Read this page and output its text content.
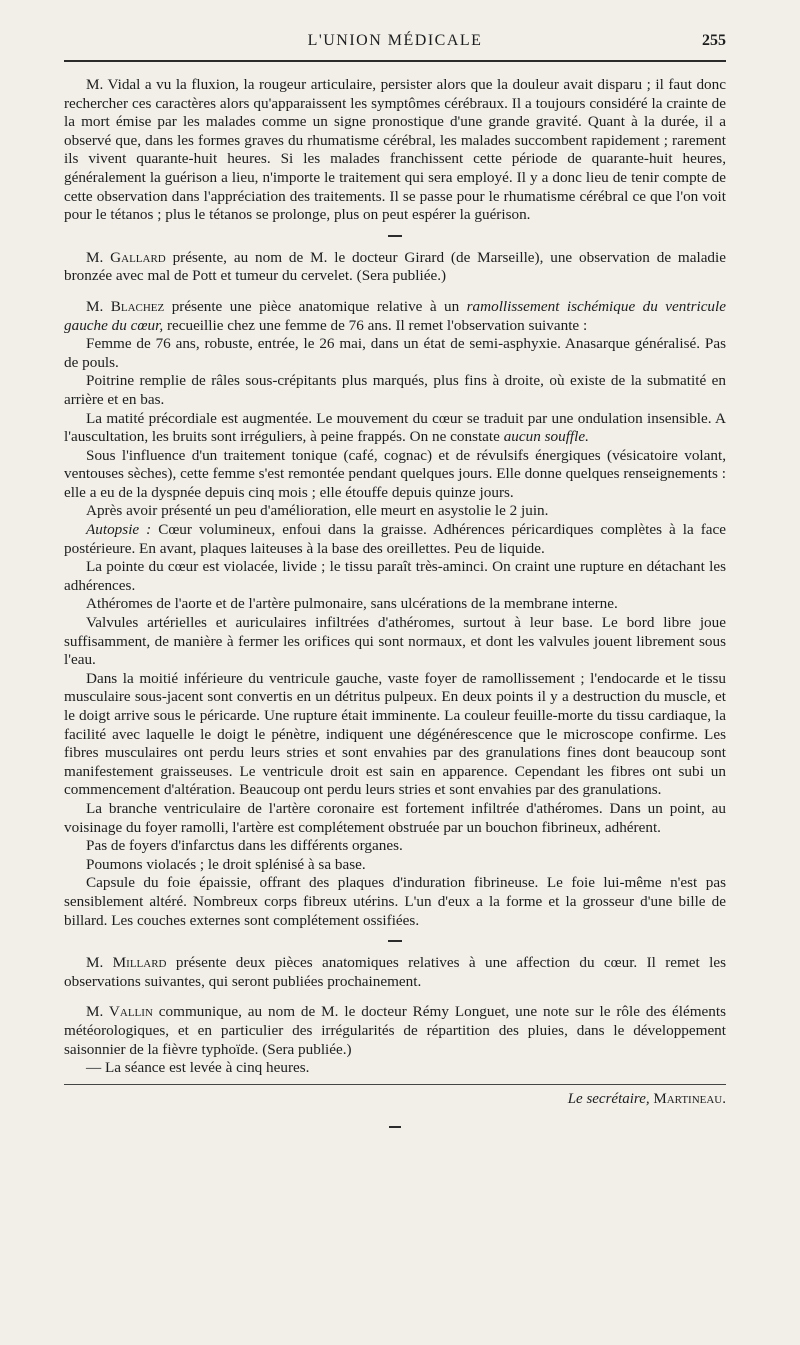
L'UNION MÉDICALE	255

M. Vidal a vu la fluxion, la rougeur articulaire, persister alors que la douleur avait disparu ; il faut donc rechercher ces caractères alors qu'apparaissent les symptômes cérébraux. Il a toujours considéré la crainte de la mort émise par les malades comme un signe pronostique d'une grande gravité. Quant à la durée, il a observé que, dans les formes graves du rhumatisme cérébral, les malades succombent rapidement ; rarement ils vivent quarante-huit heures. Si les malades franchissent cette période de quarante-huit heures, généralement la guérison a lieu, n'importe le traitement qui sera employé. Il y a donc lieu de tenir compte de cette observation dans l'appréciation des traitements. Il se passe pour le rhumatisme cérébral ce que l'on voit pour le tétanos ; plus le tétanos se prolonge, plus on peut espérer la guérison.

M. Gallard présente, au nom de M. le docteur Girard (de Marseille), une observation de maladie bronzée avec mal de Pott et tumeur du cervelet. (Sera publiée.)

M. Blachez présente une pièce anatomique relative à un ramollissement ischémique du ventricule gauche du cœur, recueillie chez une femme de 76 ans. Il remet l'observation suivante :

Femme de 76 ans, robuste, entrée, le 26 mai, dans un état de semi-asphyxie. Anasarque généralisé. Pas de pouls.

Poitrine remplie de râles sous-crépitants plus marqués, plus fins à droite, où existe de la submatité en arrière et en bas.

La matité précordiale est augmentée. Le mouvement du cœur se traduit par une ondulation insensible. A l'auscultation, les bruits sont irréguliers, à peine frappés. On ne constate aucun souffle.

Sous l'influence d'un traitement tonique (café, cognac) et de révulsifs énergiques (vésicatoire volant, ventouses sèches), cette femme s'est remontée pendant quelques jours. Elle donne quelques renseignements : elle a eu de la dyspnée depuis cinq mois ; elle étouffe depuis quinze jours.

Après avoir présenté un peu d'amélioration, elle meurt en asystolie le 2 juin.

Autopsie : Cœur volumineux, enfoui dans la graisse. Adhérences péricardiques complètes à la face postérieure. En avant, plaques laiteuses à la base des oreillettes. Peu de liquide.

La pointe du cœur est violacée, livide ; le tissu paraît très-aminci. On craint une rupture en détachant les adhérences.

Athéromes de l'aorte et de l'artère pulmonaire, sans ulcérations de la membrane interne.

Valvules artérielles et auriculaires infiltrées d'athéromes, surtout à leur base. Le bord libre joue suffisamment, de manière à fermer les orifices qui sont normaux, et dont les valvules jouent librement sous l'eau.

Dans la moitié inférieure du ventricule gauche, vaste foyer de ramollissement ; l'endocarde et le tissu musculaire sous-jacent sont convertis en un détritus pulpeux. En deux points il y a destruction du muscle, et le doigt arrive sous le péricarde. Une rupture était imminente. La couleur feuille-morte du tissu cardiaque, la facilité avec laquelle le doigt le pénètre, indiquent une dégénérescence que le microscope confirme. Les fibres musculaires ont perdu leurs stries et sont envahies par des granulations fines dont beaucoup sont manifestement graisseuses. Le ventricule droit est sain en apparence. Cependant les fibres ont subi un commencement d'altération. Beaucoup ont perdu leurs stries et sont envahies par des granulations.

La branche ventriculaire de l'artère coronaire est fortement infiltrée d'athéromes. Dans un point, au voisinage du foyer ramolli, l'artère est complétement obstruée par un bouchon fibrineux, adhérent.

Pas de foyers d'infarctus dans les différents organes.

Poumons violacés ; le droit splénisé à sa base.

Capsule du foie épaissie, offrant des plaques d'induration fibrineuse. Le foie lui-même n'est pas sensiblement altéré. Nombreux corps fibreux utérins. L'un d'eux a la forme et la grosseur d'une bille de billard. Les couches externes sont complétement ossifiées.

M. Millard présente deux pièces anatomiques relatives à une affection du cœur. Il remet les observations suivantes, qui seront publiées prochainement.

M. Vallin communique, au nom de M. le docteur Rémy Longuet, une note sur le rôle des éléments météorologiques, et en particulier des irrégularités de répartition des pluies, dans le développement saisonnier de la fièvre typhoïde. (Sera publiée.)

— La séance est levée à cinq heures.

Le secrétaire, Martineau.
